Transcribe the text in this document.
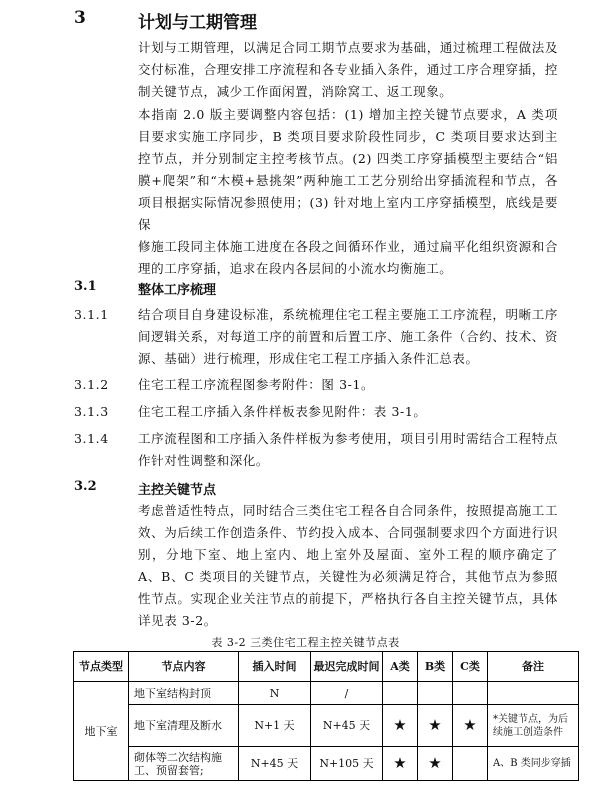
3	计划与工期管理

计划与工期管理，以满足合同工期节点要求为基础，通过梳理工程做法及交付标准，合理安排工序流程和各专业插入条件，通过工序合理穿插，控制关键节点，减少工作面闲置，消除窝工、返工现象。

本指南 2.0 版主要调整内容包括：(1) 增加主控关键节点要求，A 类项目要求实施工序同步，B 类项目要求阶段性同步，C 类项目要求达到主控节点，并分别制定主控考核节点。(2) 四类工序穿插模型主要结合“铝膜+爬架”和“木模+悬挑架”两种施工工艺分别给出穿插流程和节点，各项目根据实际情况参照使用；(3) 针对地上室内工序穿插模型，底线是要保

修施工段同主体施工进度在各段之间循环作业，通过扁平化组织资源和合理的工序穿插，追求在段内各层间的小流水均衡施工。

3.1	整体工序梳理
3.1.1 结合项目自身建设标准，系统梳理住宅工程主要施工工序流程，明晰工序间逻辑关系，对每道工序的前置和后置工序、施工条件（合约、技术、资源、基础）进行梳理，形成住宅工程工序插入条件汇总表。
3.1.2 住宅工程工序流程图参考附件：图 3-1。
3.1.3 住宅工程工序插入条件样板表参见附件：表 3-1。
3.1.4 工序流程图和工序插入条件样板为参考使用，项目引用时需结合工程特点作针对性调整和深化。
3.2	主控关键节点

考虑普适性特点，同时结合三类住宅工程各自合同条件，按照提高施工工效、为后续工作创造条件、节约投入成本、合同强制要求四个方面进行识别，分地下室、地上室内、地上室外及屋面、室外工程的顺序确定了 A、B、C 类项目的关键节点，关键性为必须满足符合，其他节点为参照性节点。实现企业关注节点的前提下，严格执行各自主控关键节点，具体详见表 3-2。

表 3-2 三类住宅工程主控关键节点表
节点类型	节点内容	插入时间	最迟完成时间	A类	B类	C类	备注
地下室	地下室结构封顶	N	/				
	地下室清理及断水	N+1 天	N+45 天	★	★	★	*关键节点，为后续施工创造条件
	砌体等二次结构施工、预留套管;	N+45 天	N+105 天	★	★		A、B 类同步穿插
